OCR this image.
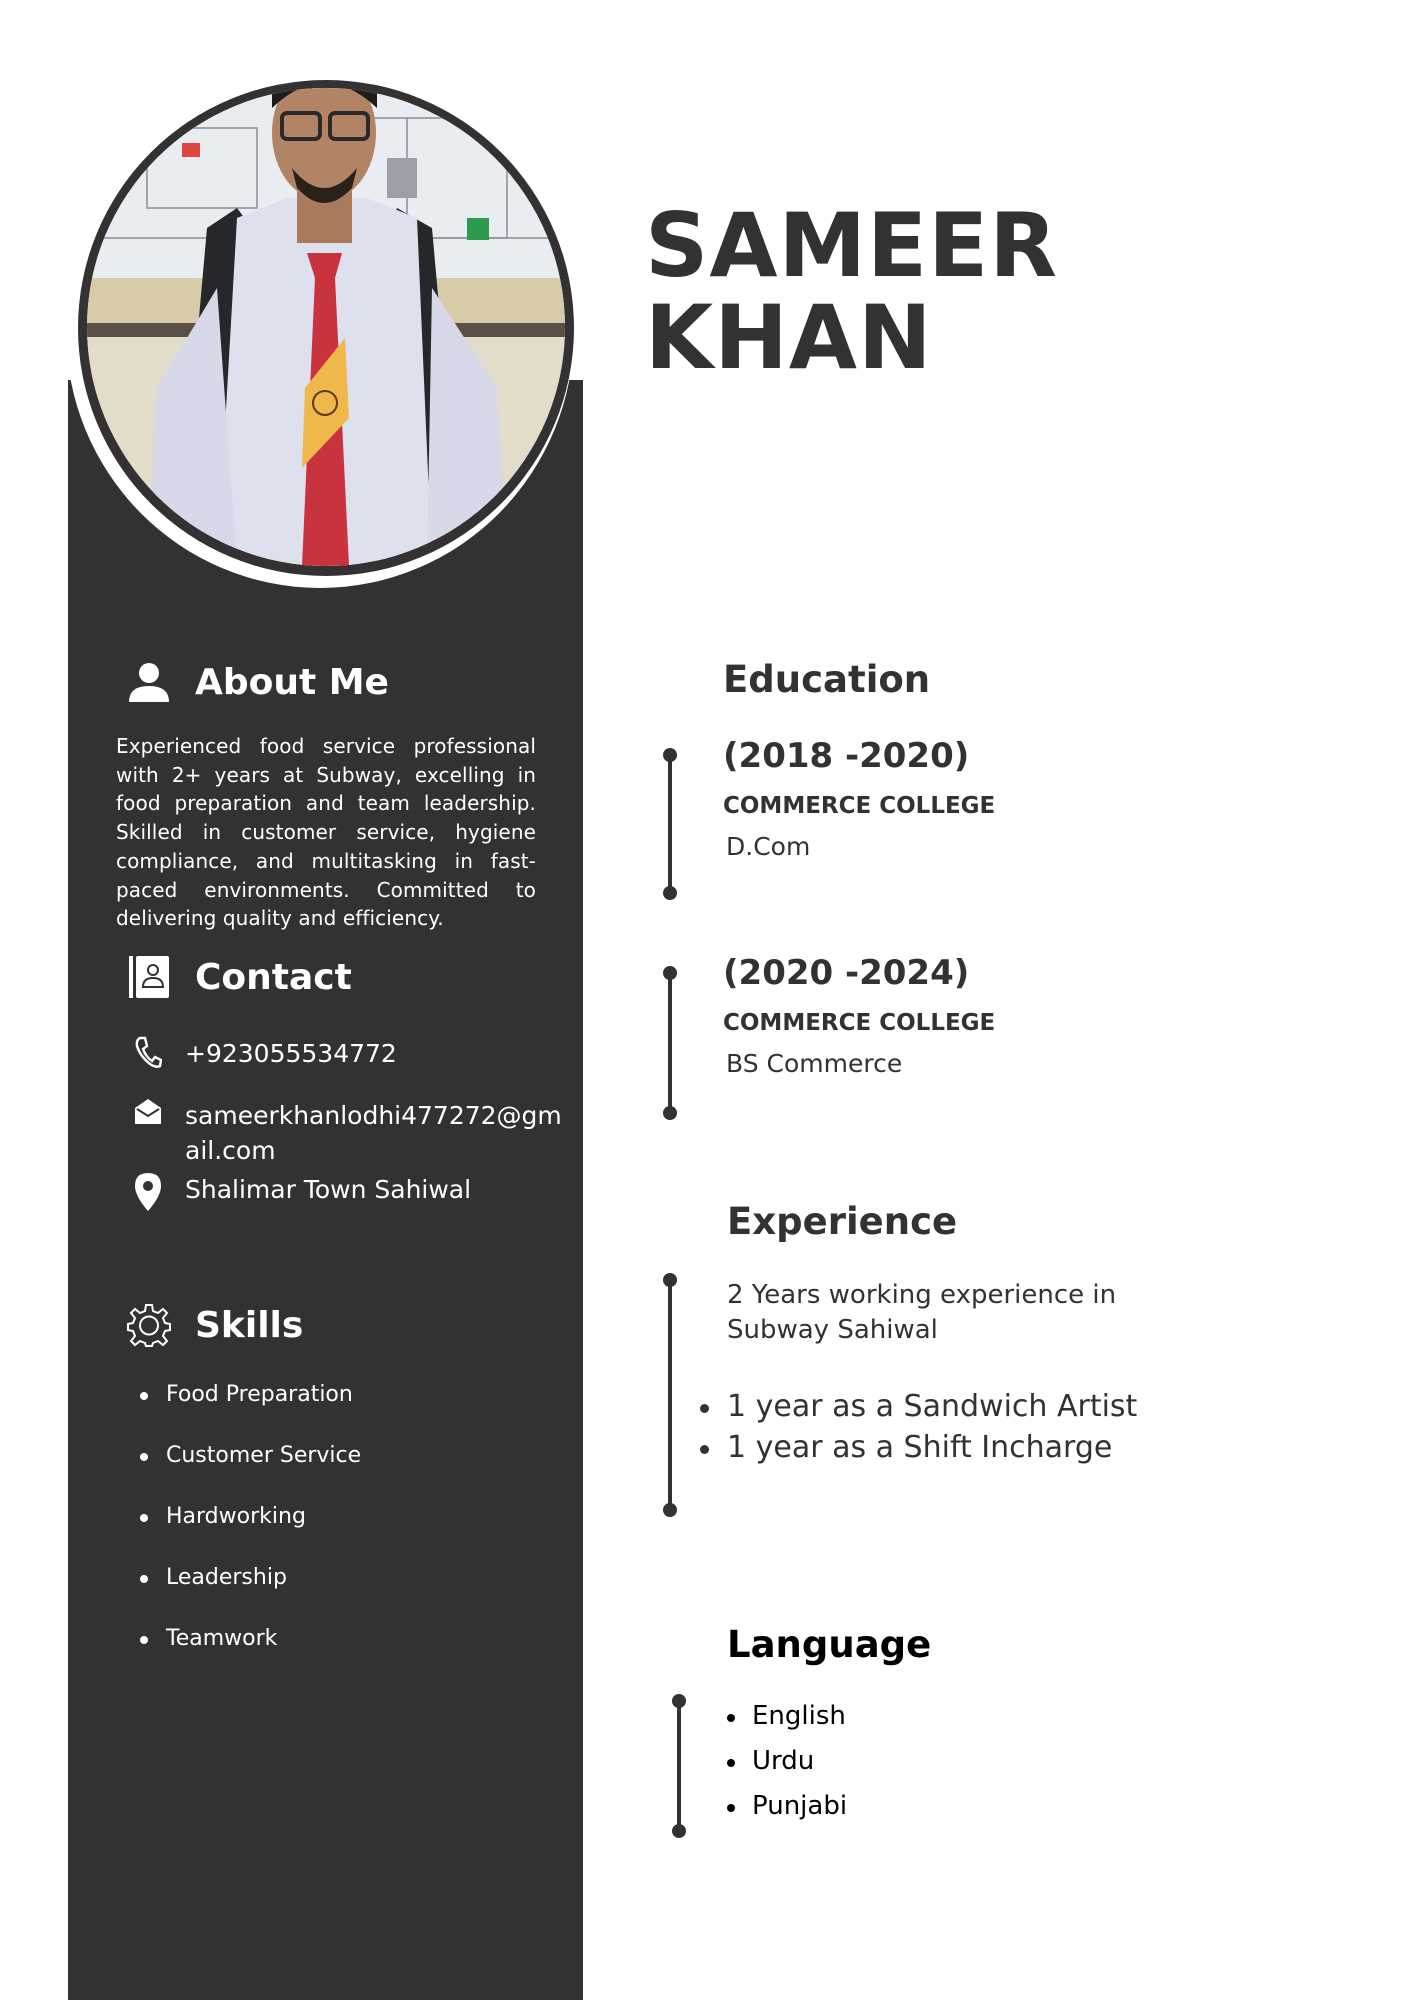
SAMEER
KHAN
About Me

Experienced food service professional with 2+ years at Subway, excelling in food preparation and team leadership. Skilled in customer service, hygiene compliance, and multitasking in fast-paced environments. Committed to delivering quality and efficiency.

Contact
+923055534772
sameerkhanlodhi477272@gmail.com
Shalimar Town Sahiwal
Skills
Food Preparation
Customer Service
Hardworking
Leadership
Teamwork
Education
(2018 -2020)
COMMERCE COLLEGE
D.Com
(2020 -2024)
COMMERCE COLLEGE
BS Commerce
Experience

2 Years working experience in Subway Sahiwal

1 year as a Sandwich Artist
1 year as a Shift Incharge
Language
English
Urdu
Punjabi
